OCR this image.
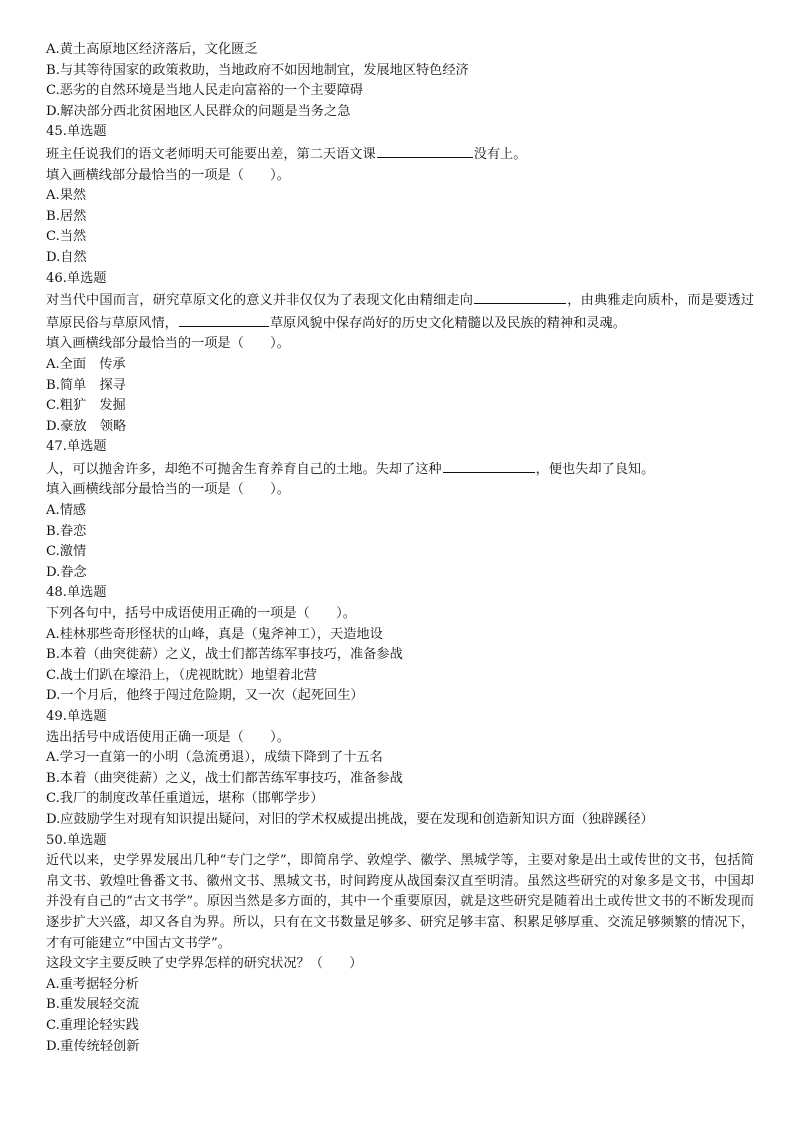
A.黄土高原地区经济落后，文化匮乏
B.与其等待国家的政策救助，当地政府不如因地制宜，发展地区特色经济
C.恶劣的自然环境是当地人民走向富裕的一个主要障碍
D.解决部分西北贫困地区人民群众的问题是当务之急
45.单选题
班主任说我们的语文老师明天可能要出差，第二天语文课	没有上。
填入画横线部分最恰当的一项是（　　）。
A.果然
B.居然
C.当然
D.自然
46.单选题
对当代中国而言，研究草原文化的意义并非仅仅为了表现文化由精细走向	，由典雅走向质朴，而是要透过草原民俗与草原风情，	草原风貌中保存尚好的历史文化精髓以及民族的精神和灵魂。
填入画横线部分最恰当的一项是（　　）。
A.全面　传承
B.简单　探寻
C.粗犷　发掘
D.豪放　领略
47.单选题
人，可以抛舍许多，却绝不可抛舍生育养育自己的土地。失却了这种	，便也失却了良知。
填入画横线部分最恰当的一项是（　　）。
A.情感
B.眷恋
C.激情
D.眷念
48.单选题
下列各句中，括号中成语使用正确的一项是（　　）。
A.桂林那些奇形怪状的山峰，真是（鬼斧神工），天造地设
B.本着（曲突徙薪）之义，战士们都苦练军事技巧，准备参战
C.战士们趴在壕沿上，（虎视眈眈）地望着北营
D.一个月后，他终于闯过危险期，又一次（起死回生）
49.单选题
选出括号中成语使用正确一项是（　　）。
A.学习一直第一的小明（急流勇退），成绩下降到了十五名
B.本着（曲突徙薪）之义，战士们都苦练军事技巧，准备参战
C.我厂的制度改革任重道远，堪称（邯郸学步）
D.应鼓励学生对现有知识提出疑问，对旧的学术权威提出挑战，要在发现和创造新知识方面（独辟蹊径）
50.单选题
近代以来，史学界发展出几种“专门之学”，即简帛学、敦煌学、徽学、黑城学等，主要对象是出土或传世的文书，包括简帛文书、敦煌吐鲁番文书、徽州文书、黑城文书，时间跨度从战国秦汉直至明清。虽然这些研究的对象多是文书，中国却并没有自己的“古文书学”。原因当然是多方面的，其中一个重要原因，就是这些研究是随着出土或传世文书的不断发现而逐步扩大兴盛，却又各自为界。所以，只有在文书数量足够多、研究足够丰富、积累足够厚重、交流足够频繁的情况下，才有可能建立“中国古文书学”。
这段文字主要反映了史学界怎样的研究状况？（　　）
A.重考据轻分析
B.重发展轻交流
C.重理论轻实践
D.重传统轻创新
